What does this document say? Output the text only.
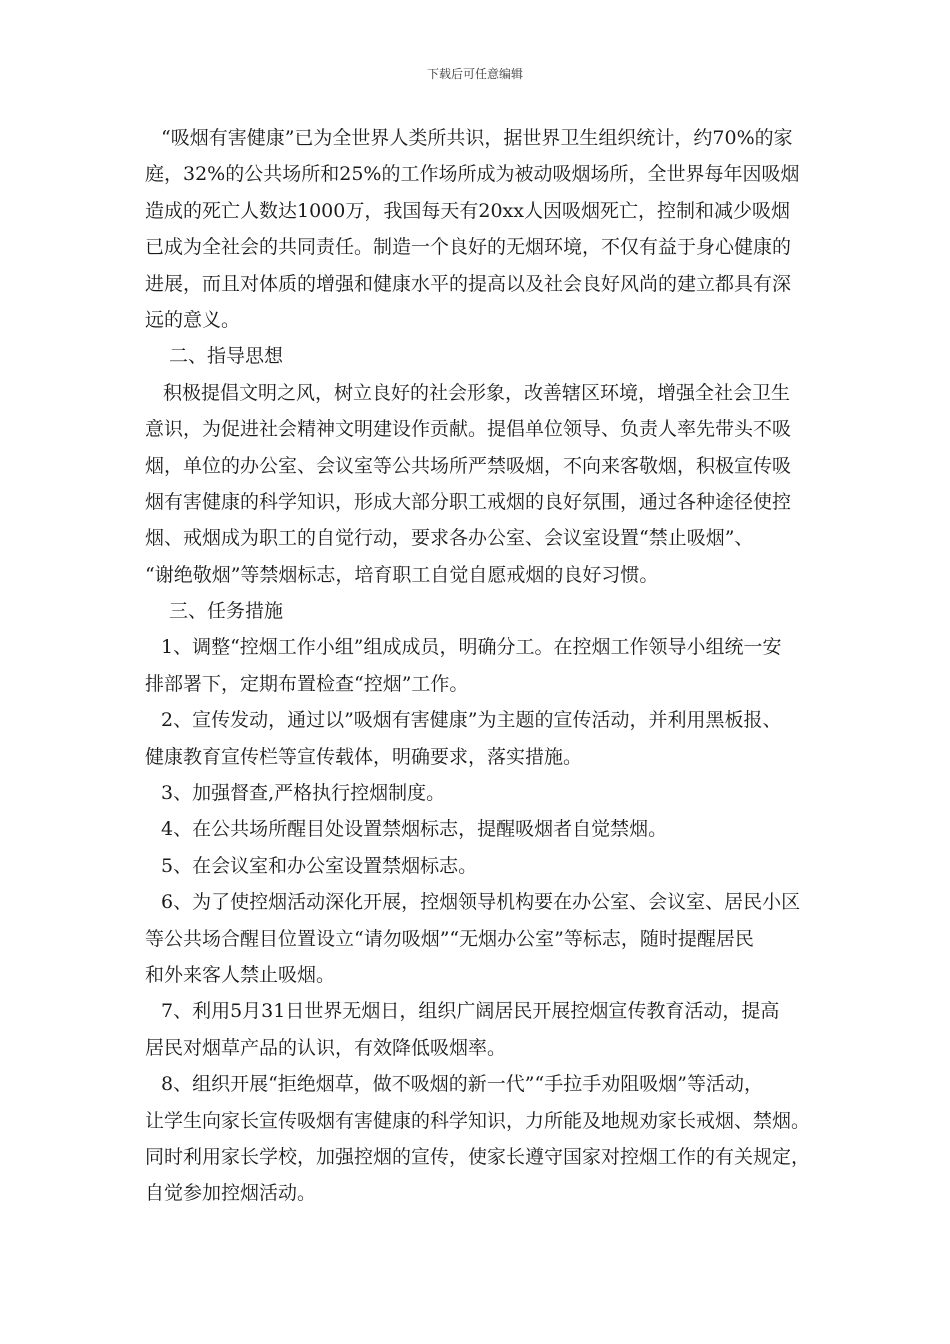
下载后可任意编辑
“吸烟有害健康”已为全世界人类所共识，据世界卫生组织统计，约70%的家
庭，32%的公共场所和25%的工作场所成为被动吸烟场所，全世界每年因吸烟
造成的死亡人数达1000万，我国每天有20xx人因吸烟死亡，控制和减少吸烟
已成为全社会的共同责任。制造一个良好的无烟环境，不仅有益于身心健康的
进展，而且对体质的增强和健康水平的提高以及社会良好风尚的建立都具有深
远的意义。
二、指导思想
积极提倡文明之风，树立良好的社会形象，改善辖区环境，增强全社会卫生
意识，为促进社会精神文明建设作贡献。提倡单位领导、负责人率先带头不吸
烟，单位的办公室、会议室等公共场所严禁吸烟，不向来客敬烟，积极宣传吸
烟有害健康的科学知识，形成大部分职工戒烟的良好氛围，通过各种途径使控
烟、戒烟成为职工的自觉行动，要求各办公室、会议室设置“禁止吸烟”、
“谢绝敬烟”等禁烟标志，培育职工自觉自愿戒烟的良好习惯。
三、任务措施
1、调整“控烟工作小组”组成成员，明确分工。在控烟工作领导小组统一安
排部署下，定期布置检查“控烟”工作。
2、宣传发动，通过以”吸烟有害健康”为主题的宣传活动，并利用黑板报、
健康教育宣传栏等宣传载体，明确要求，落实措施。
3、加强督查,严格执行控烟制度。
4、在公共场所醒目处设置禁烟标志，提醒吸烟者自觉禁烟。
5、在会议室和办公室设置禁烟标志。
6、为了使控烟活动深化开展，控烟领导机构要在办公室、会议室、居民小区
等公共场合醒目位置设立“请勿吸烟”“无烟办公室”等标志，随时提醒居民
和外来客人禁止吸烟。
7、利用5月31日世界无烟日，组织广阔居民开展控烟宣传教育活动，提高
居民对烟草产品的认识，有效降低吸烟率。
8、组织开展“拒绝烟草，做不吸烟的新一代”“手拉手劝阻吸烟”等活动，
让学生向家长宣传吸烟有害健康的科学知识，力所能及地规劝家长戒烟、禁烟。
同时利用家长学校，加强控烟的宣传，使家长遵守国家对控烟工作的有关规定，
自觉参加控烟活动。
